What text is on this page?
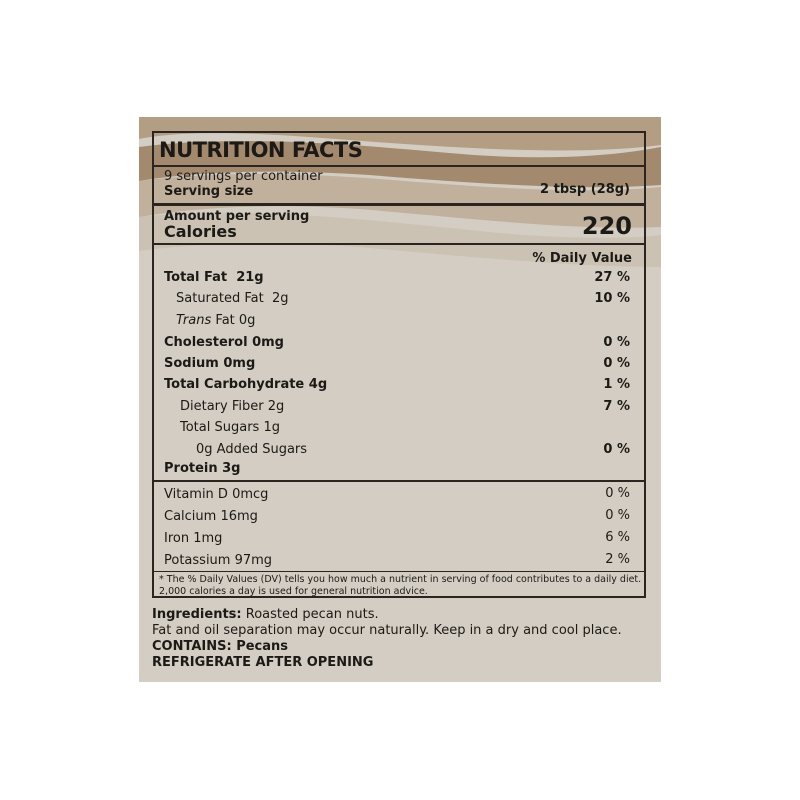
NUTRITION FACTS
9 servings per container
Serving size	2 tbsp (28g)
Amount per serving
Calories	220
% Daily Value
Total Fat 21g	27 %
Saturated Fat 2g	10 %
Trans Fat 0g
Cholesterol 0mg	0 %
Sodium 0mg	0 %
Total Carbohydrate 4g	1 %
Dietary Fiber 2g	7 %
Total Sugars 1g
0g Added Sugars	0 %
Protein 3g
Vitamin D 0mcg	0 %
Calcium 16mg	0 %
Iron 1mg	6 %
Potassium 97mg	2 %
* The % Daily Values (DV) tells you how much a nutrient in serving of food contributes to a daily diet. 2,000 calories a day is used for general nutrition advice.
Ingredients: Roasted pecan nuts.
Fat and oil separation may occur naturally. Keep in a dry and cool place.
CONTAINS: Pecans
REFRIGERATE AFTER OPENING
